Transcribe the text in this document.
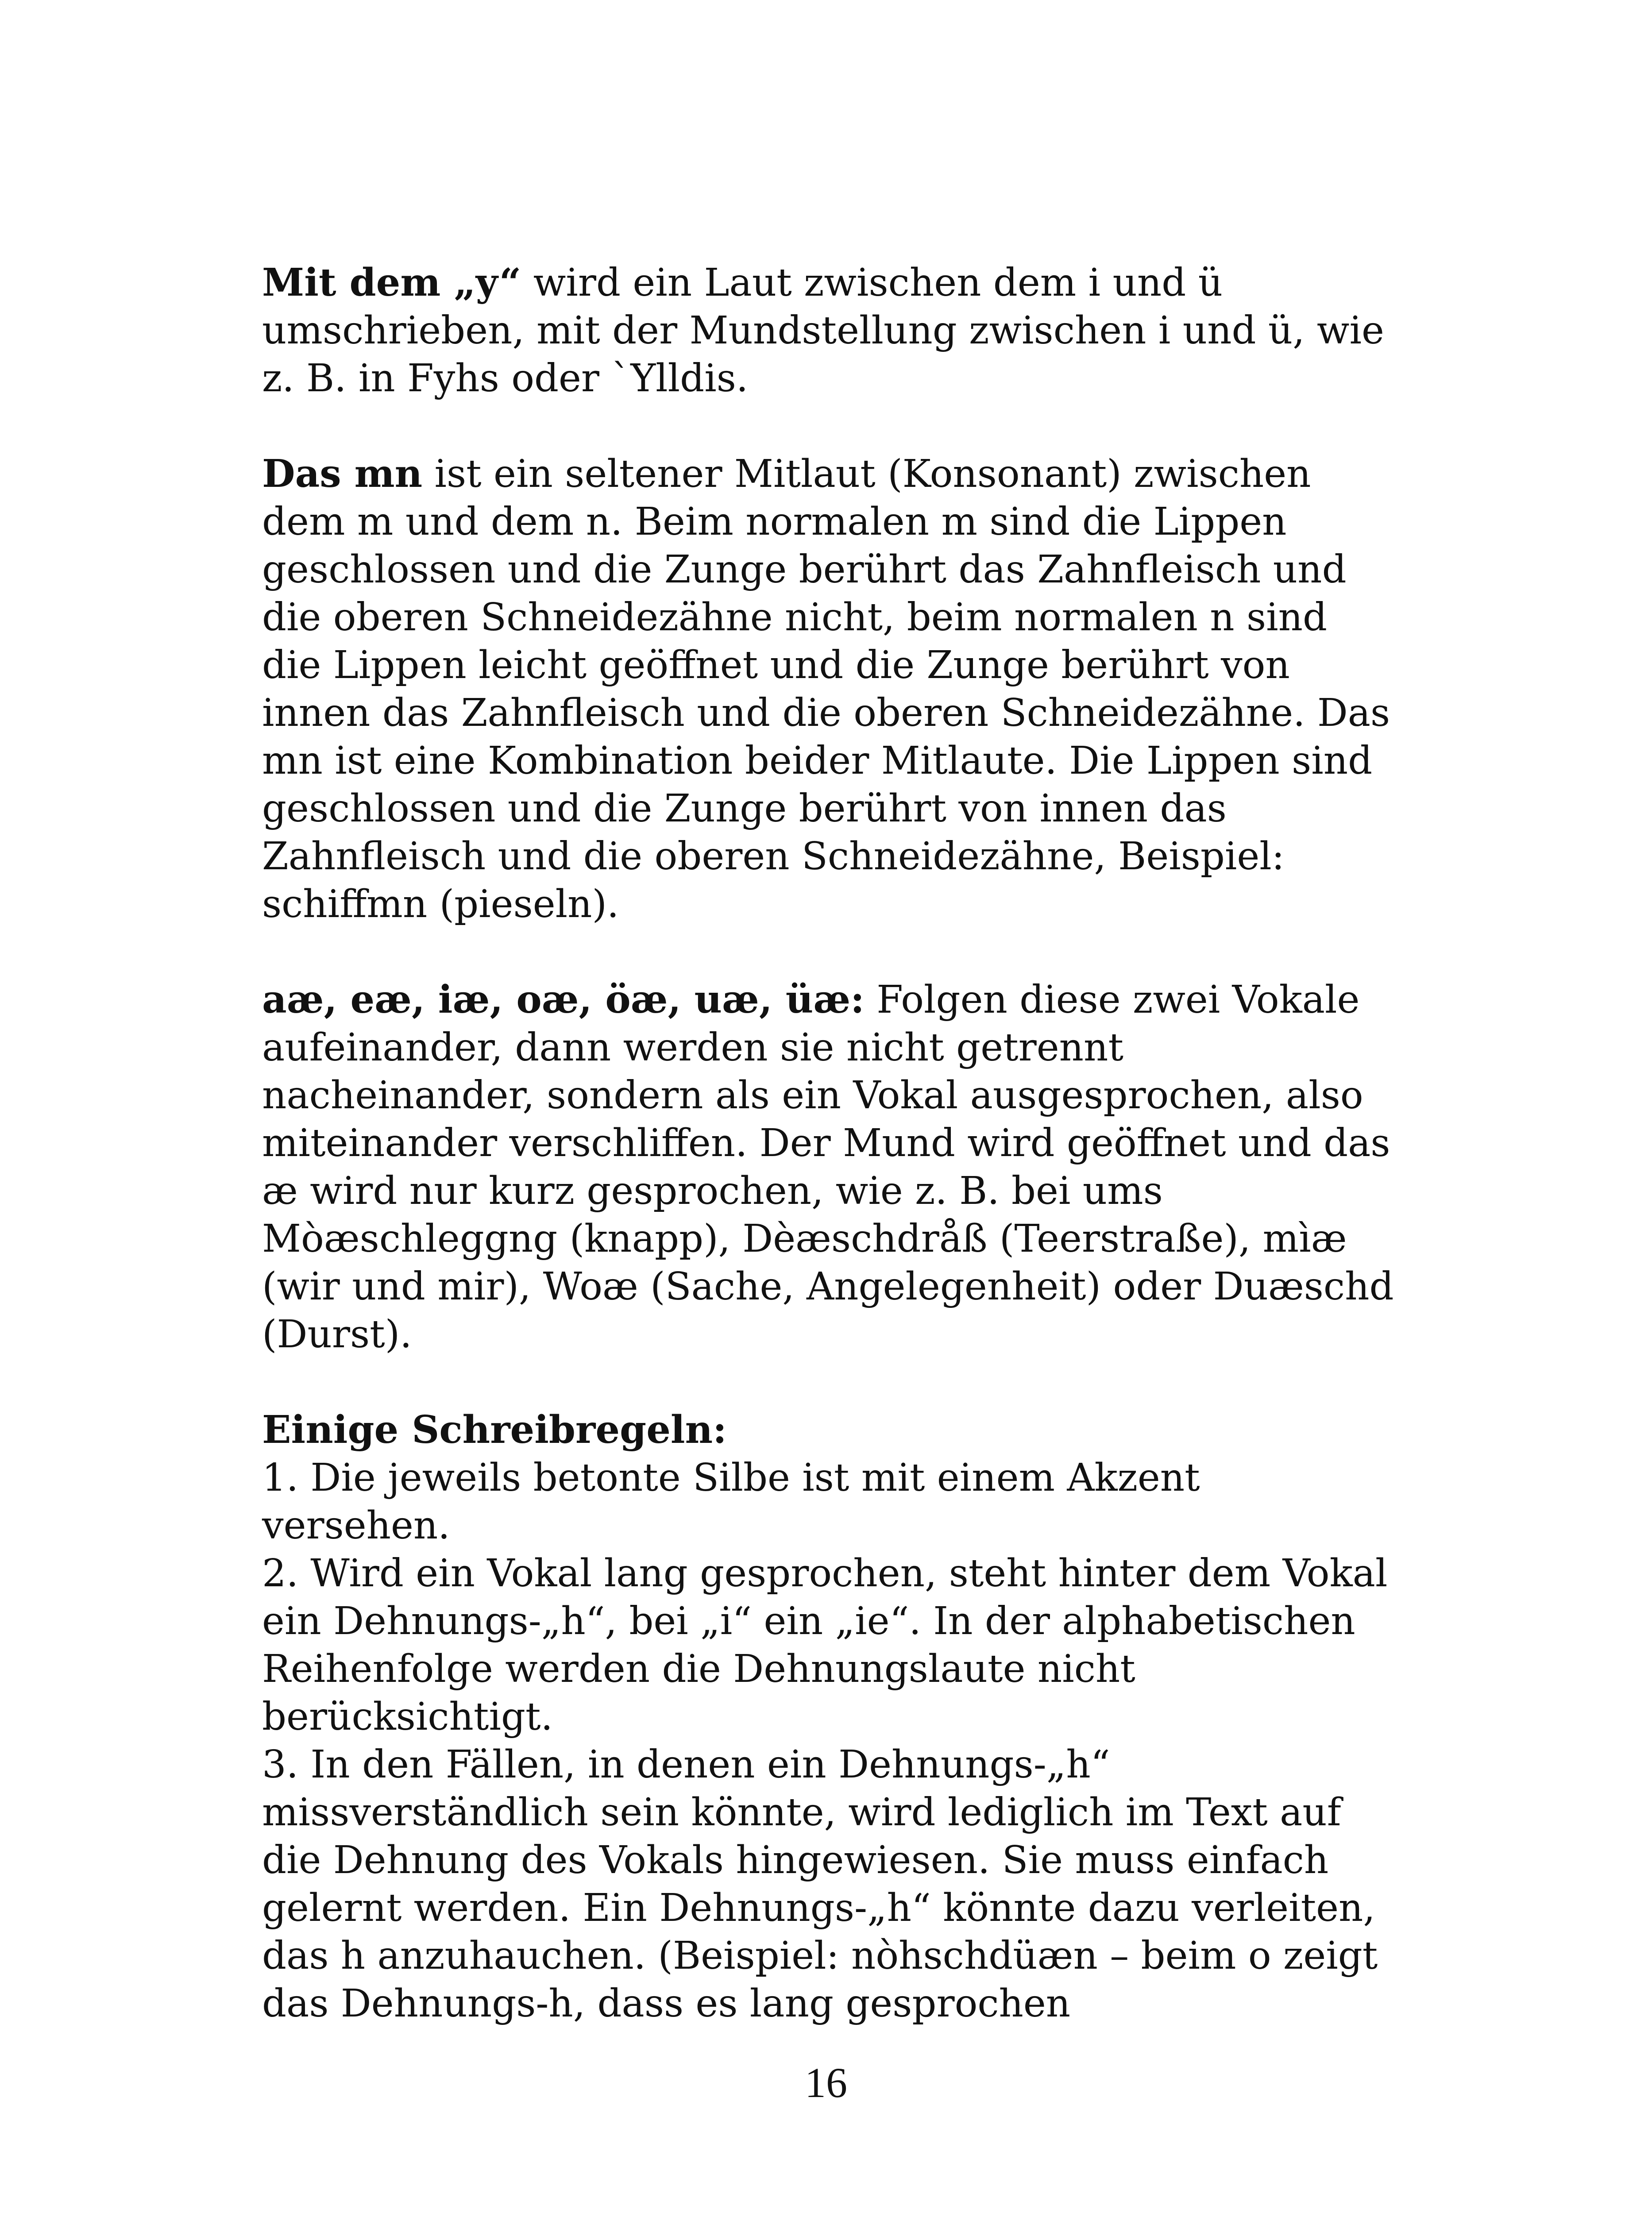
Mit dem „y“ wird ein Laut zwischen dem i und ü umschrieben, mit der Mundstellung zwischen i und ü, wie z. B. in Fyhs oder `Ylldis.

Das mn ist ein seltener Mitlaut (Konsonant) zwischen dem m und dem n. Beim normalen m sind die Lippen geschlossen und die Zunge berührt das Zahnfleisch und die oberen Schneidezähne nicht, beim normalen n sind die Lippen leicht geöffnet und die Zunge berührt von innen das Zahnfleisch und die oberen Schneidezähne. Das mn ist eine Kombination beider Mitlaute. Die Lippen sind geschlossen und die Zunge berührt von innen das Zahnfleisch und die oberen Schneidezähne, Beispiel: schiffmn (pieseln).

aæ, eæ, iæ, oæ, öæ, uæ, üæ: Folgen diese zwei Vokale aufeinander, dann werden sie nicht getrennt nacheinander, sondern als ein Vokal ausgesprochen, also miteinander verschliffen. Der Mund wird geöffnet und das æ wird nur kurz gesprochen, wie z. B. bei ums Mòæschleggng (knapp), Dèæschdråß (Teerstraße), mìæ (wir und mir), Woæ (Sache, Angelegenheit) oder Duæschd (Durst).

Einige Schreibregeln:

1. Die jeweils betonte Silbe ist mit einem Akzent versehen.

2. Wird ein Vokal lang gesprochen, steht hinter dem Vokal ein Dehnungs-„h“, bei „i“ ein „ie“. In der alphabetischen Reihenfolge werden die Dehnungslaute nicht berücksichtigt.

3. In den Fällen, in denen ein Dehnungs-„h“ missverständlich sein könnte, wird lediglich im Text auf die Dehnung des Vokals hingewiesen. Sie muss einfach gelernt werden. Ein Dehnungs-„h“ könnte dazu verleiten, das h anzuhauchen. (Beispiel: nòhschdüæn – beim o zeigt das Dehnungs-h, dass es lang gesprochen

16
